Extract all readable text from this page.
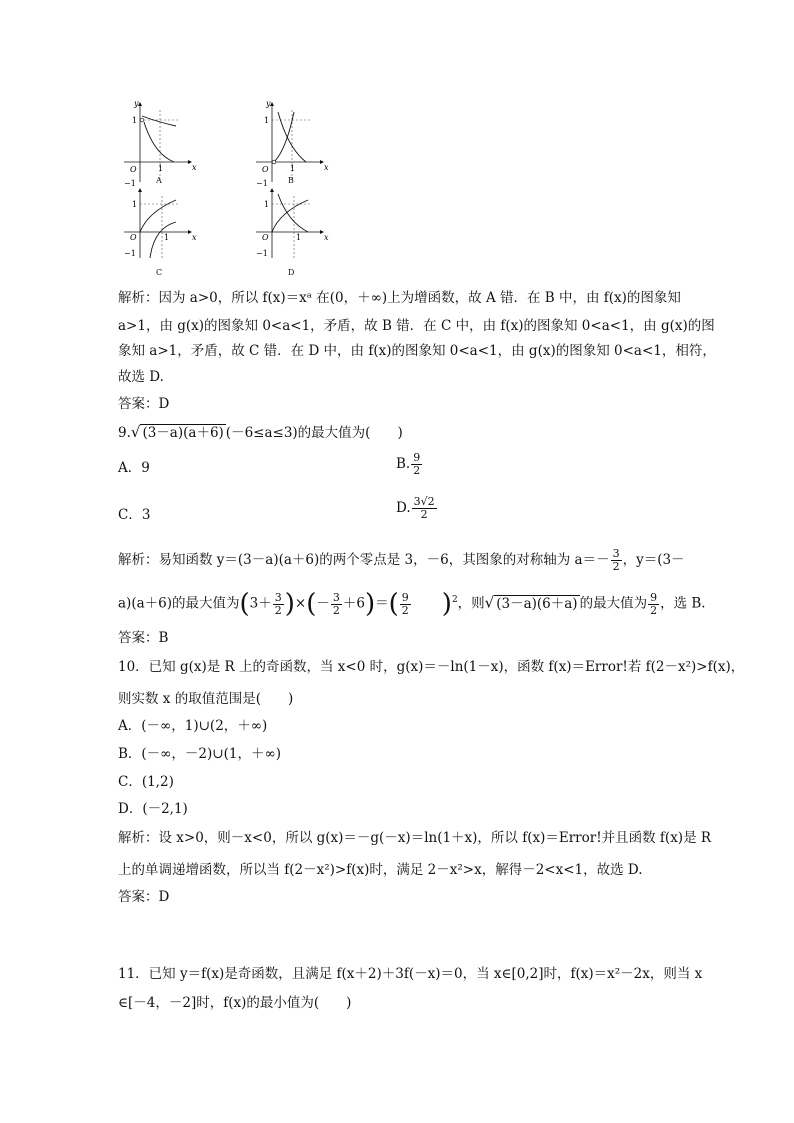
y
x
O
1
1
−1	A
y
x
O
1
1
−1	B
O	x
1
1
−1
C
O	x
1
1
−1
D
解析：因为 a>0，所以 f(x)＝xᵃ 在(0，＋∞)上为增函数，故 A 错．在 B 中，由 f(x)的图象知
a>1，由 g(x)的图象知 0<a<1，矛盾，故 B 错．在 C 中，由 f(x)的图象知 0<a<1，由 g(x)的图
象知 a>1，矛盾，故 C 错．在 D 中，由 f(x)的图象知 0<a<1，由 g(x)的图象知 0<a<1，相符，
故选 D.
答案：D
9.√ (3－a)(a＋6) (－6≤a≤3)的最大值为(　　)
A．9	B. $\frac{9}{2}$
C．3	D. $\frac{3√2}{2}$
解析：易知函数 y＝(3－a)(a＋6)的两个零点是 3，－6，其图象的对称轴为 $a=- \frac{3}{2}$ ，y＝(3－
a)(a＋6)的最大值为($3+ \frac{3}{2}$ )×(－ $\frac{3}{2} +6)=( \frac{9}{2} )^2$，则√ (3－a)(6＋a) 的最大值为 $\frac{9}{2}$ ，选 B.
答案：B
10．已知 g(x)是 R 上的奇函数，当 x<0 时，g(x)＝－ln(1－x)，函数 f(x)＝Error!若 f(2－x²)>f(x)，
则实数 x 的取值范围是(　　)
A．(－∞，1)∪(2，＋∞)
B．(－∞，－2)∪(1，＋∞)
C．(1,2)
D．(－2,1)
解析：设 x>0，则－x<0，所以 g(x)＝－g(－x)＝ln(1＋x)，所以 f(x)＝Error!并且函数 f(x)是 R
上的单调递增函数，所以当 f(2－x²)>f(x)时，满足 2－x²>x，解得－2<x<1，故选 D.
答案：D
11．已知 y＝f(x)是奇函数，且满足 f(x＋2)＋3f(－x)＝0，当 x∈[0,2]时，f(x)＝x²－2x，则当 x
∈[－4，－2]时，f(x)的最小值为(　　)
